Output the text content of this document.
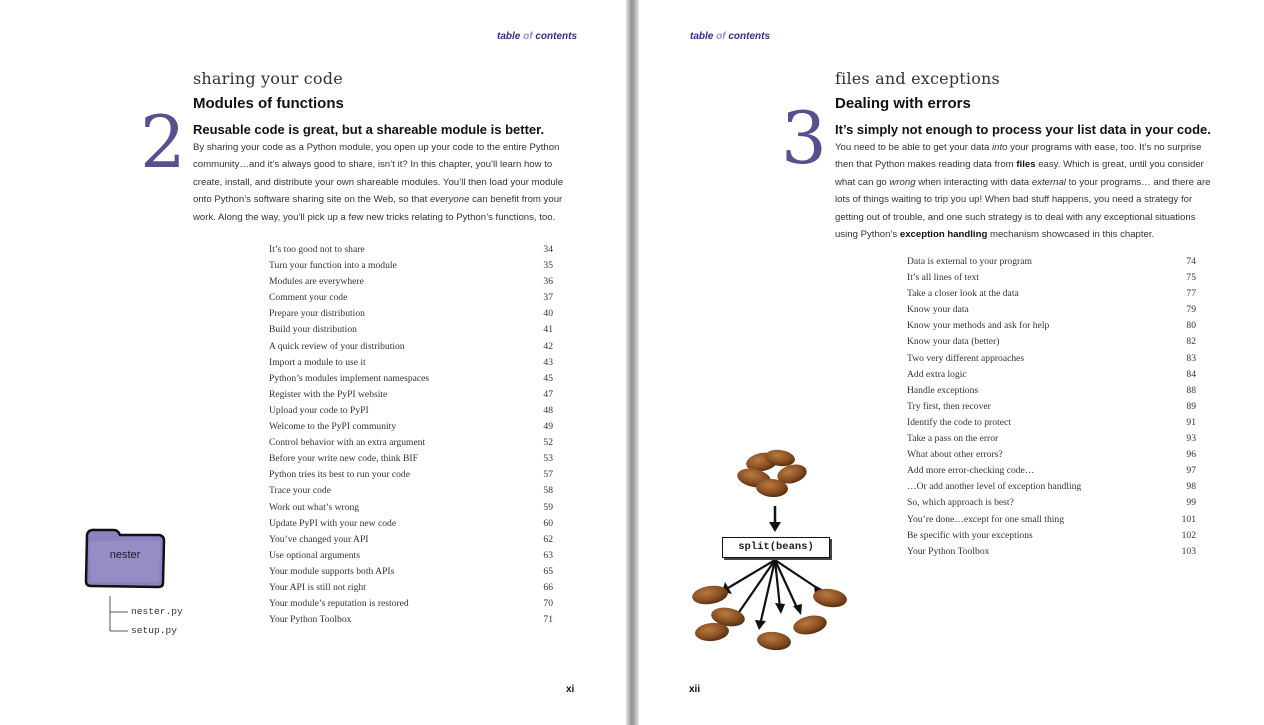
table of contents
sharing your code
Modules of functions
2 Reusable code is great, but a shareable module is better.
By sharing your code as a Python module, you open up your code to the entire Python community…and it’s always good to share, isn’t it? In this chapter, you’ll learn how to create, install, and distribute your own shareable modules. You’ll then load your module onto Python’s software sharing site on the Web, so that everyone can benefit from your work. Along the way, you’ll pick up a few new tricks relating to Python’s functions, too.
It’s too good not to share	34
Turn your function into a module	35
Modules are everywhere	36
Comment your code	37
Prepare your distribution	40
Build your distribution	41
A quick review of your distribution	42
Import a module to use it	43
Python’s modules implement namespaces	45
Register with the PyPI website	47
Upload your code to PyPI	48
Welcome to the PyPI community	49
Control behavior with an extra argument	52
Before your write new code, think BIF	53
Python tries its best to run your code	57
Trace your code	58
Work out what’s wrong	59
Update PyPI with your new code	60
You’ve changed your API	62
Use optional arguments	63
Your module supports both APIs	65
Your API is still not right	66
Your module’s reputation is restored	70
Your Python Toolbox	71
nester
nester.py
setup.py
xi
table of contents
files and exceptions
Dealing with errors
3 It’s simply not enough to process your list data in your code.
You need to be able to get your data into your programs with ease, too. It’s no surprise then that Python makes reading data from files easy. Which is great, until you consider what can go wrong when interacting with data external to your programs… and there are lots of things waiting to trip you up! When bad stuff happens, you need a strategy for getting out of trouble, and one such strategy is to deal with any exceptional situations using Python’s exception handling mechanism showcased in this chapter.
Data is external to your program	74
It’s all lines of text	75
Take a closer look at the data	77
Know your data	79
Know your methods and ask for help	80
Know your data (better)	82
Two very different approaches	83
Add extra logic	84
Handle exceptions	88
Try first, then recover	89
Identify the code to protect	91
Take a pass on the error	93
What about other errors?	96
Add more error-checking code…	97
…Or add another level of exception handling	98
So, which approach is best?	99
You’re done…except for one small thing	101
Be specific with your exceptions	102
Your Python Toolbox	103
xii
split(beans)
